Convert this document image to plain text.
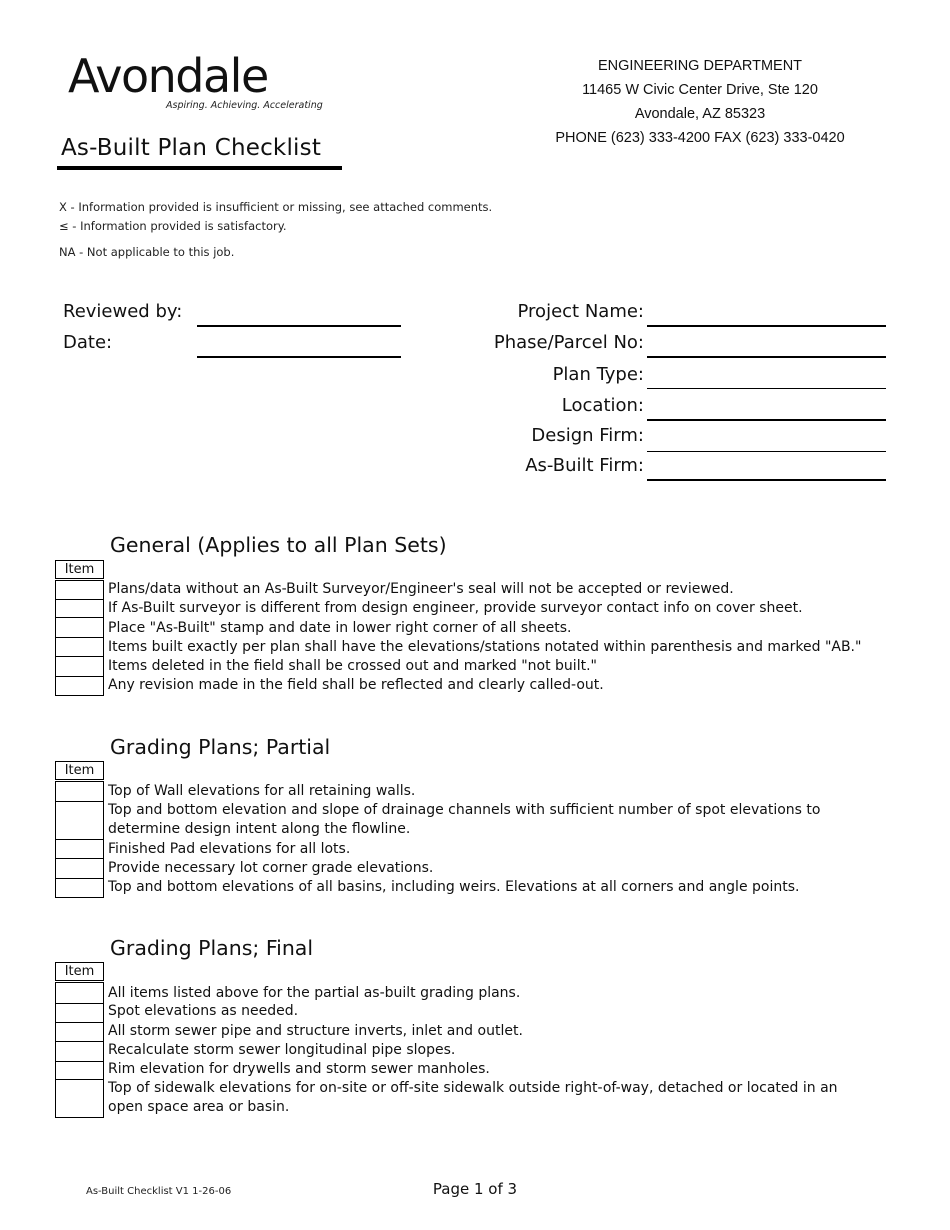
Avondale
Aspiring. Achieving. Accelerating
ENGINEERING DEPARTMENT
11465 W Civic Center Drive, Ste 120
Avondale, AZ 85323
PHONE (623) 333-4200 FAX (623) 333-0420
As-Built Plan Checklist
X - Information provided is insufficient or missing, see attached comments.
≤ - Information provided is satisfactory.
NA - Not applicable to this job.
Reviewed by:
Date:
Project Name:
Phase/Parcel No:
Plan Type:
Location:
Design Firm:
As-Built Firm:
General (Applies to all Plan Sets)
Item
Plans/data without an As-Built Surveyor/Engineer's seal will not be accepted or reviewed.
If As-Built surveyor is different from design engineer, provide surveyor contact info on cover sheet.
Place "As-Built" stamp and date in lower right corner of all sheets.
Items built exactly per plan shall have the elevations/stations notated within parenthesis and marked "AB."
Items deleted in the field shall be crossed out and marked "not built."
Any revision made in the field shall be reflected and clearly called-out.
Grading Plans; Partial
Item
Top of Wall elevations for all retaining walls.
Top and bottom elevation and slope of drainage channels with sufficient number of spot elevations to determine design intent along the flowline.
Finished Pad elevations for all lots.
Provide necessary lot corner grade elevations.
Top and bottom elevations of all basins, including weirs. Elevations at all corners and angle points.
Grading Plans; Final
Item
All items listed above for the partial as-built grading plans.
Spot elevations as needed.
All storm sewer pipe and structure inverts, inlet and outlet.
Recalculate storm sewer longitudinal pipe slopes.
Rim elevation for drywells and storm sewer manholes.
Top of sidewalk elevations for on-site or off-site sidewalk outside right-of-way, detached or located in an open space area or basin.
As-Built Checklist V1 1-26-06	Page 1 of 3
